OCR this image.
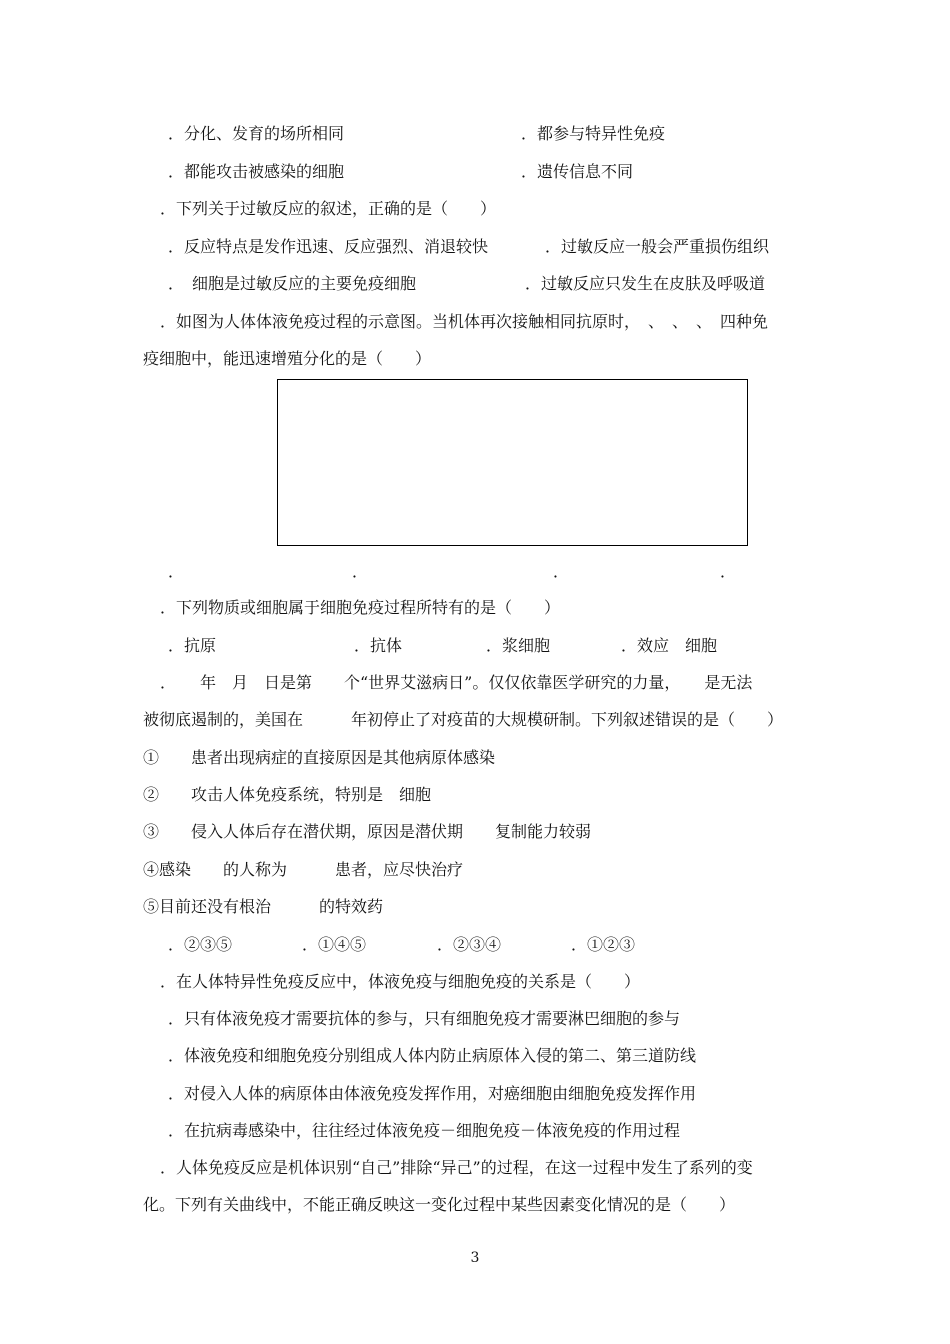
．分化、发育的场所相同	．都参与特异性免疫
．都能攻击被感染的细胞	．遗传信息不同
．下列关于过敏反应的叙述，正确的是（　　）
．反应特点是发作迅速、反应强烈、消退较快	．过敏反应一般会严重损伤组织
．　细胞是过敏反应的主要免疫细胞	．过敏反应只发生在皮肤及呼吸道
．如图为人体体液免疫过程的示意图。当机体再次接触相同抗原时，　、　、　、　四种免
疫细胞中，能迅速增殖分化的是（　　）
．	．	．	．
．下列物质或细胞属于细胞免疫过程所特有的是（　　）
．抗原	．抗体	．浆细胞	．效应　细胞
．　　年　月　日是第　　个“世界艾滋病日”。仅仅依靠医学研究的力量，　　是无法
被彻底遏制的，美国在　　　年初停止了对疫苗的大规模研制。下列叙述错误的是（　　）
①　　患者出现病症的直接原因是其他病原体感染
②　　攻击人体免疫系统，特别是　细胞
③　　侵入人体后存在潜伏期，原因是潜伏期　　复制能力较弱
④感染　　的人称为　　　患者，应尽快治疗
⑤目前还没有根治　　　的特效药
．②③⑤	．①④⑤	．②③④	．①②③
．在人体特异性免疫反应中，体液免疫与细胞免疫的关系是（　　）
．只有体液免疫才需要抗体的参与，只有细胞免疫才需要淋巴细胞的参与
．体液免疫和细胞免疫分别组成人体内防止病原体入侵的第二、第三道防线
．对侵入人体的病原体由体液免疫发挥作用，对癌细胞由细胞免疫发挥作用
．在抗病毒感染中，往往经过体液免疫－细胞免疫－体液免疫的作用过程
．人体免疫反应是机体识别“自己”排除“异己”的过程，在这一过程中发生了系列的变
化。下列有关曲线中，不能正确反映这一变化过程中某些因素变化情况的是（　　）
3
